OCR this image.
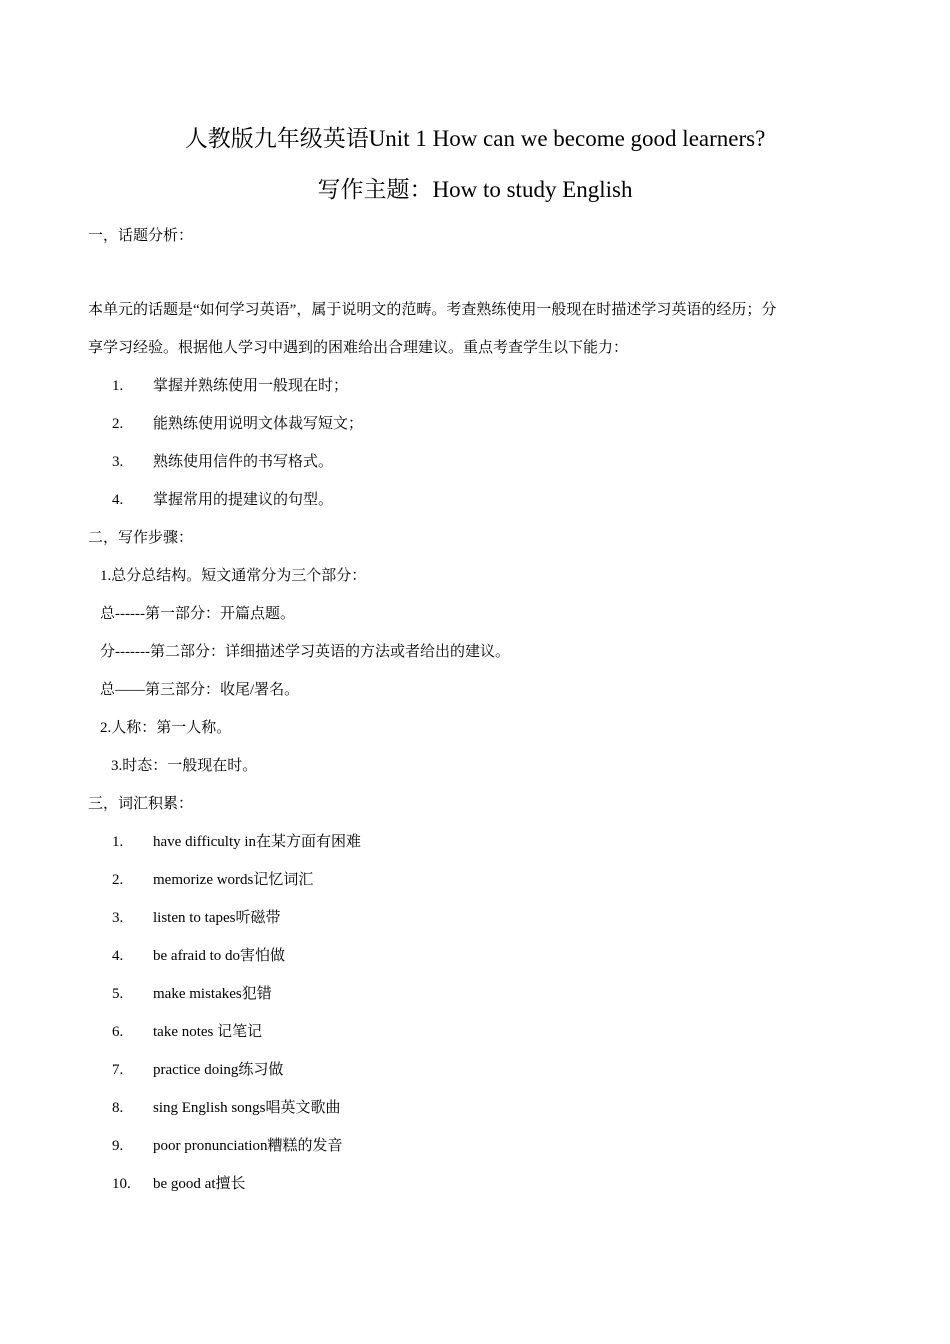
人教版九年级英语Unit 1 How can we become good learners?
写作主题：How to study English
一，话题分析：
本单元的话题是“如何学习英语”，属于说明文的范畴。考查熟练使用一般现在时描述学习英语的经历；分
享学习经验。根据他人学习中遇到的困难给出合理建议。重点考查学生以下能力：
1. 掌握并熟练使用一般现在时；
2. 能熟练使用说明文体裁写短文；
3. 熟练使用信件的书写格式。
4. 掌握常用的提建议的句型。
二，写作步骤：
1.总分总结构。短文通常分为三个部分：
总------第一部分：开篇点题。
分-------第二部分：详细描述学习英语的方法或者给出的建议。
总——第三部分：收尾/署名。
2.人称：第一人称。
3.时态：一般现在时。
三，词汇积累：
1. have difficulty in在某方面有困难
2. memorize words记忆词汇
3. listen to tapes听磁带
4. be afraid to do害怕做
5. make mistakes犯错
6. take notes 记笔记
7. practice doing练习做
8. sing English songs唱英文歌曲
9. poor pronunciation糟糕的发音
10. be good at擅长
